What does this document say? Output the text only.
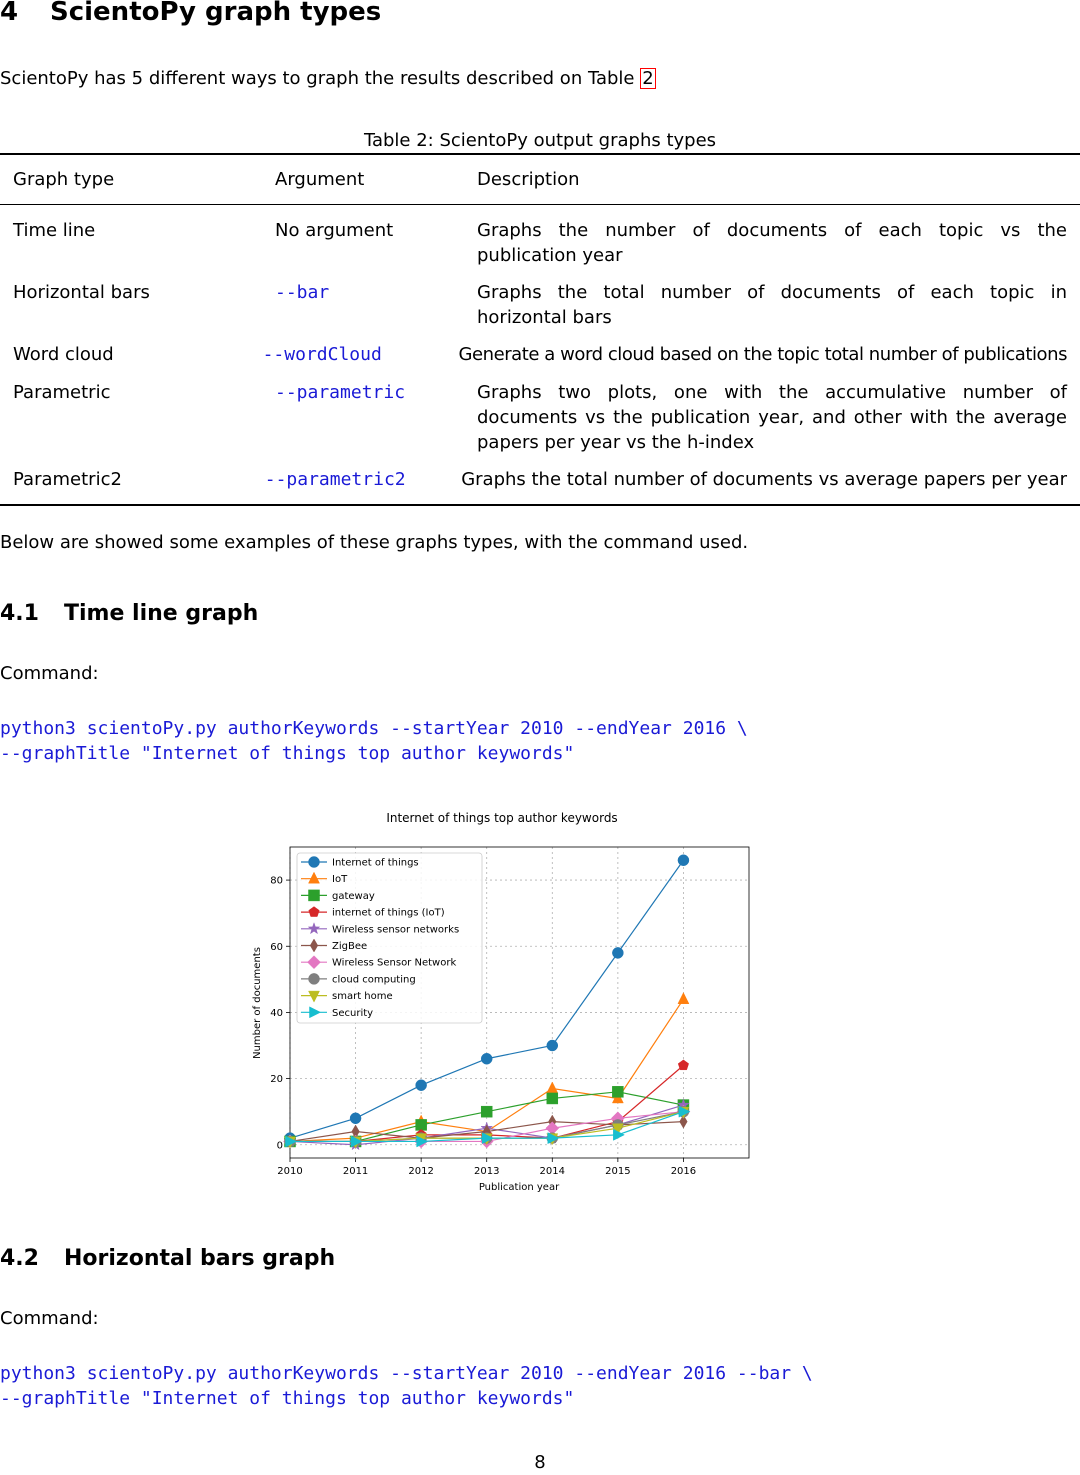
4 ScientoPy graph types
ScientoPy has 5 different ways to graph the results described on Table 2
Table 2: ScientoPy output graphs types
Graph type	Argument	Description
Time line	No argument	Graphs the number of documents of each topic vs the publication year
Horizontal bars	--bar	Graphs the total number of documents of each topic in horizontal bars
Word cloud	--wordCloud	Generate a word cloud based on the topic total number of publications
Parametric	--parametric	Graphs two plots, one with the accumulative number of documents vs the publication year, and other with the average papers per year vs the h-index
Parametric2	--parametric2	Graphs the total number of documents vs average papers per year
Below are showed some examples of these graphs types, with the command used.
4.1 Time line graph
Command:
python3 scientoPy.py authorKeywords --startYear 2010 --endYear 2016 \
--graphTitle "Internet of things top author keywords"
Internet of things top author keywords
2010	2011	2012	2013	2014	2015	2016
0
20
40
60
80
Internet of things
IoT
gateway
internet of things (IoT)
Wireless sensor networks
ZigBee
Wireless Sensor Network
cloud computing
smart home
Security
Publication year
Number of documents
4.2 Horizontal bars graph
Command:
python3 scientoPy.py authorKeywords --startYear 2010 --endYear 2016 --bar \
--graphTitle "Internet of things top author keywords"
8
